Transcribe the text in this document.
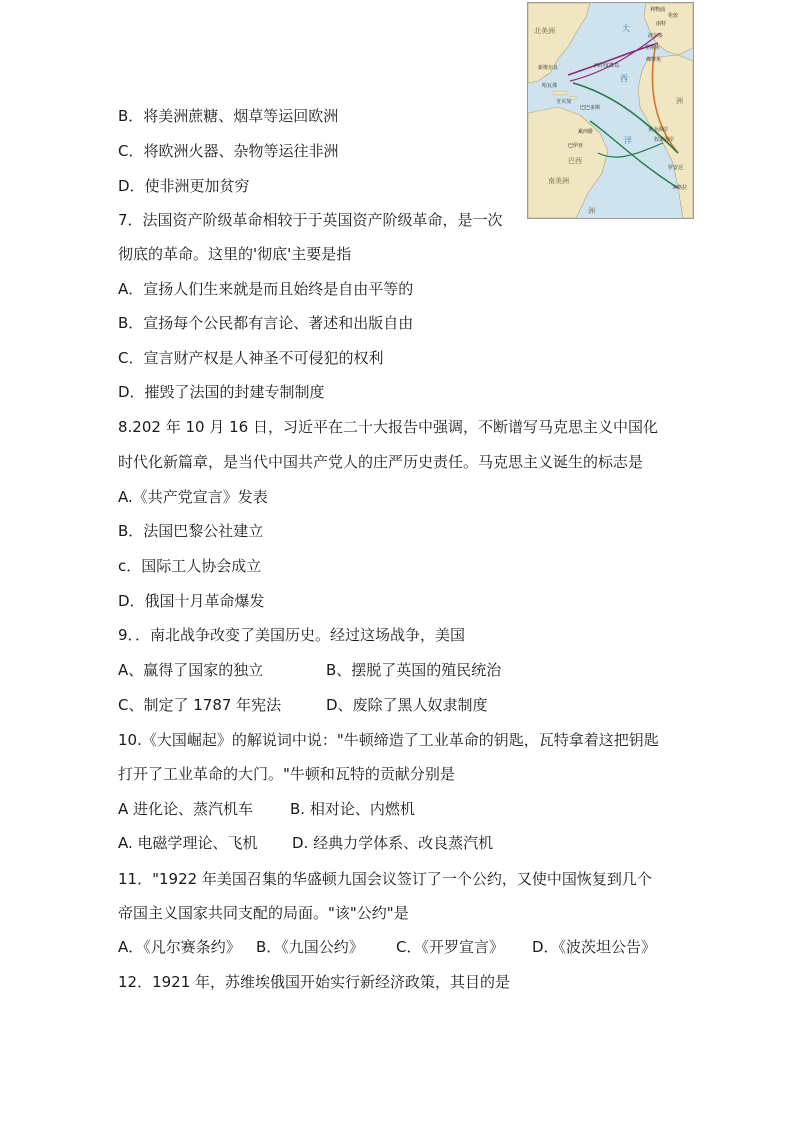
大
西
洋
北美洲
南美洲
巴西
洲
洲
利物浦
伦敦
南特
波尔多
里斯本
佛得角
新奥尔良
哈瓦那
牙买加
巴巴多斯
西印度群岛
累西腓
巴伊亚
黄金海岸
奴隶海岸
罗安达
本格拉
B．将美洲蔗糖、烟草等运回欧洲
C．将欧洲火器、杂物等运往非洲
D．使非洲更加贫穷
7．法国资产阶级革命相较于于英国资产阶级革命，是一次
彻底的革命。这里的'彻底'主要是指
A．宣扬人们生来就是而且始终是自由平等的
B．宣扬每个公民都有言论、著述和出版自由
C．宣言财产权是人神圣不可侵犯的权利
D．摧毁了法国的封建专制制度
8.202 年 10 月 16 日，习近平在二十大报告中强调，不断谱写马克思主义中国化
时代化新篇章，是当代中国共产党人的庄严历史责任。马克思主义诞生的标志是
A.《共产党宣言》发表
B．法国巴黎公社建立
c．国际工人协会成立
D．俄国十月革命爆发
9．．南北战争改变了美国历史。经过这场战争，美国
A、赢得了国家的独立	B、摆脱了英国的殖民统治
C、制定了 1787 年宪法	D、废除了黑人奴隶制度
10.《大国崛起》的解说词中说："牛顿缔造了工业革命的钥匙，瓦特拿着这把钥匙
打开了工业革命的大门。"牛顿和瓦特的贡献分别是
A 进化论、蒸汽机车 B. 相对论、内燃机
A. 电磁学理论、飞机 D. 经典力学体系、改良蒸汽机
11．"1922 年美国召集的华盛顿九国会议签订了一个公约，又使中国恢复到几个
帝国主义国家共同支配的局面。"该"公约"是
A．《凡尔赛条约》 B．《九国公约》 C．《开罗宣言》 D．《波茨坦公告》
12．1921 年，苏维埃俄国开始实行新经济政策，其目的是
